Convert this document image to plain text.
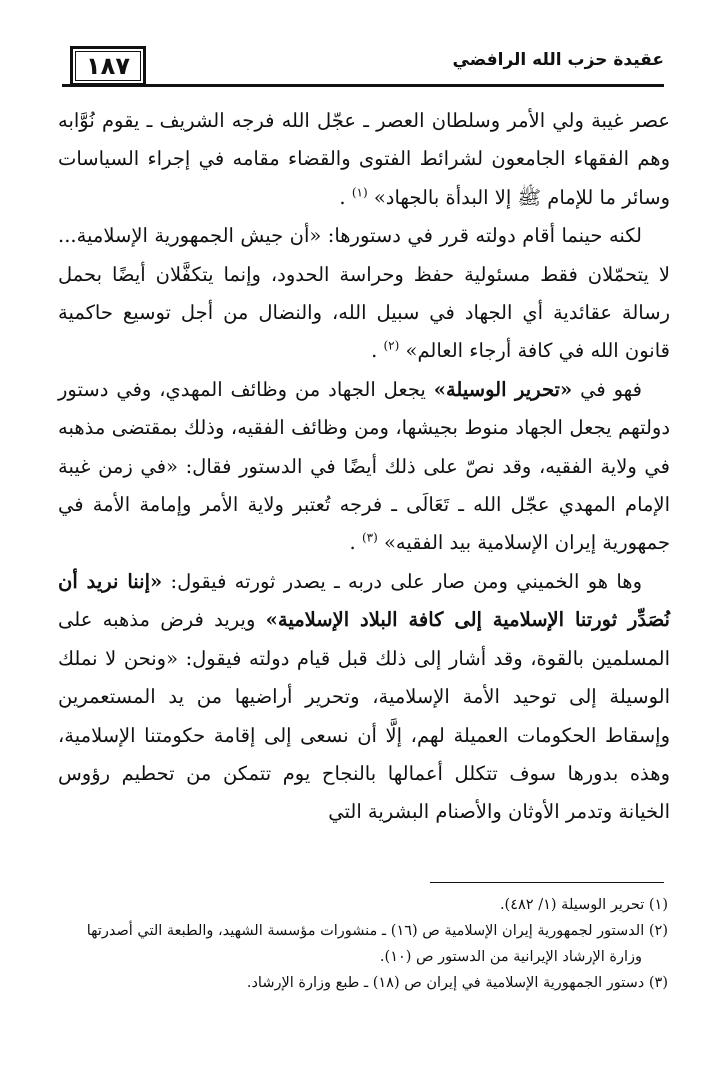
١٨٧	عقيدة حزب الله الرافضي

عصر غيبة ولي الأمر وسلطان العصر ـ عجّل الله فرجه الشريف ـ يقوم نُوَّابه وهم الفقهاء الجامعون لشرائط الفتوى والقضاء مقامه في إجراء السياسات وسائر ما للإمام ﷺ إلا البدأة بالجهاد» $^{(١)}$ .

لكنه حينما أقام دولته قرر في دستورها: «أن جيش الجمهورية الإسلامية... لا يتحمّلان فقط مسئولية حفظ وحراسة الحدود، وإنما يتكفَّلان أيضًا بحمل رسالة عقائدية أي الجهاد في سبيل الله، والنضال من أجل توسيع حاكمية قانون الله في كافة أرجاء العالم» $^{(٢)}$ .

فهو في «تحرير الوسيلة» يجعل الجهاد من وظائف المهدي، وفي دستور دولتهم يجعل الجهاد منوط بجيشها، ومن وظائف الفقيه، وذلك بمقتضى مذهبه في ولاية الفقيه، وقد نصّ على ذلك أيضًا في الدستور فقال: «في زمن غيبة الإمام المهدي عجّل الله ـ تَعَالَى ـ فرجه تُعتبر ولاية الأمر وإمامة الأمة في جمهورية إيران الإسلامية بيد الفقيه» $^{(٣)}$ .

وها هو الخميني ومن صار على دربه ـ يصدر ثورته فيقول: «إننا نريد أن نُصَدِّر ثورتنا الإسلامية إلى كافة البلاد الإسلامية» ويريد فرض مذهبه على المسلمين بالقوة، وقد أشار إلى ذلك قبل قيام دولته فيقول: «ونحن لا نملك الوسيلة إلى توحيد الأمة الإسلامية، وتحرير أراضيها من يد المستعمرين وإسقاط الحكومات العميلة لهم، إلَّا أن نسعى إلى إقامة حكومتنا الإسلامية، وهذه بدورها سوف تتكلل أعمالها بالنجاح يوم تتمكن من تحطيم رؤوس الخيانة وتدمر الأوثان والأصنام البشرية التي

(١) تحرير الوسيلة (١/ ٤٨٢).

(٢) الدستور لجمهورية إيران الإسلامية ص (١٦) ـ منشورات مؤسسة الشهيد، والطبعة التي أصدرتها وزارة الإرشاد الإيرانية من الدستور ص (١٠).

(٣) دستور الجمهورية الإسلامية في إيران ص (١٨) ـ طبع وزارة الإرشاد.
